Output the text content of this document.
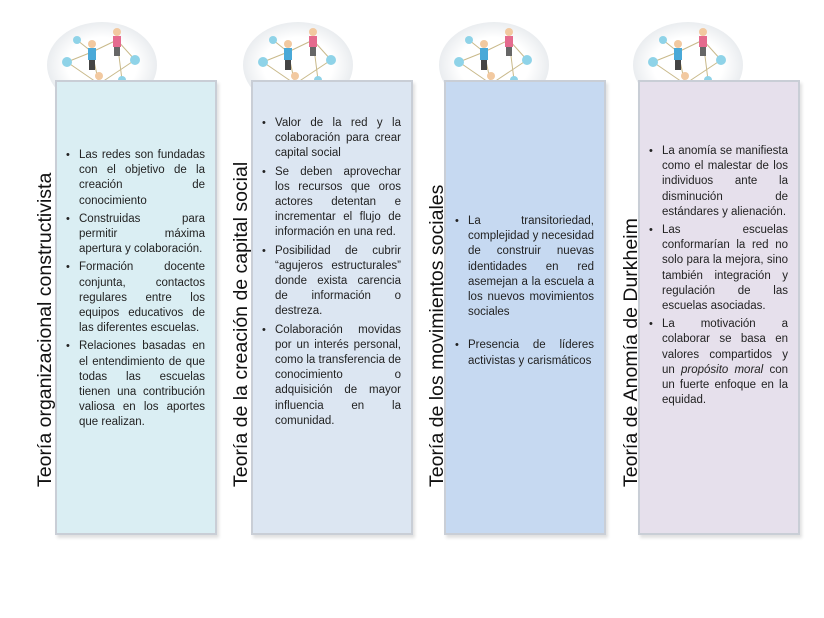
• Las redes son fundadas con el objetivo de la creación de conocimiento
• Construidas para permitir máxima apertura y colaboración.
• Formación docente conjunta, contactos regulares entre los equipos educativos de las diferentes escuelas.
• Relaciones basadas en el entendimiento de que todas las escuelas tienen una contribución valiosa en los aportes que realizan.
Teoría organizacional constructivista
• Valor de la red y la colaboración para crear capital social
• Se deben aprovechar los recursos que oros actores detentan e incrementar el flujo de información en una red.
• Posibilidad de cubrir “agujeros estructurales” donde exista carencia de información o destreza.
• Colaboración movidas por un interés personal, como la transferencia de conocimiento o adquisición de mayor influencia en la comunidad.
Teoría de la creación de capital social
•	La transitoriedad, complejidad y necesidad de construir nuevas identidades en red asemejan a la escuela a los nuevos movimientos sociales
• Presencia de líderes activistas y carismáticos
Teoría de los movimientos sociales
• La anomía se manifiesta como el malestar de los individuos ante la disminución de estándares y alienación.
• Las escuelas conformarían la red no solo para la mejora, sino también integración y regulación de las escuelas asociadas.
• La motivación a colaborar se basa en valores compartidos y un propósito moral con un fuerte enfoque en la equidad.
Teoría de Anomía de Durkheim
